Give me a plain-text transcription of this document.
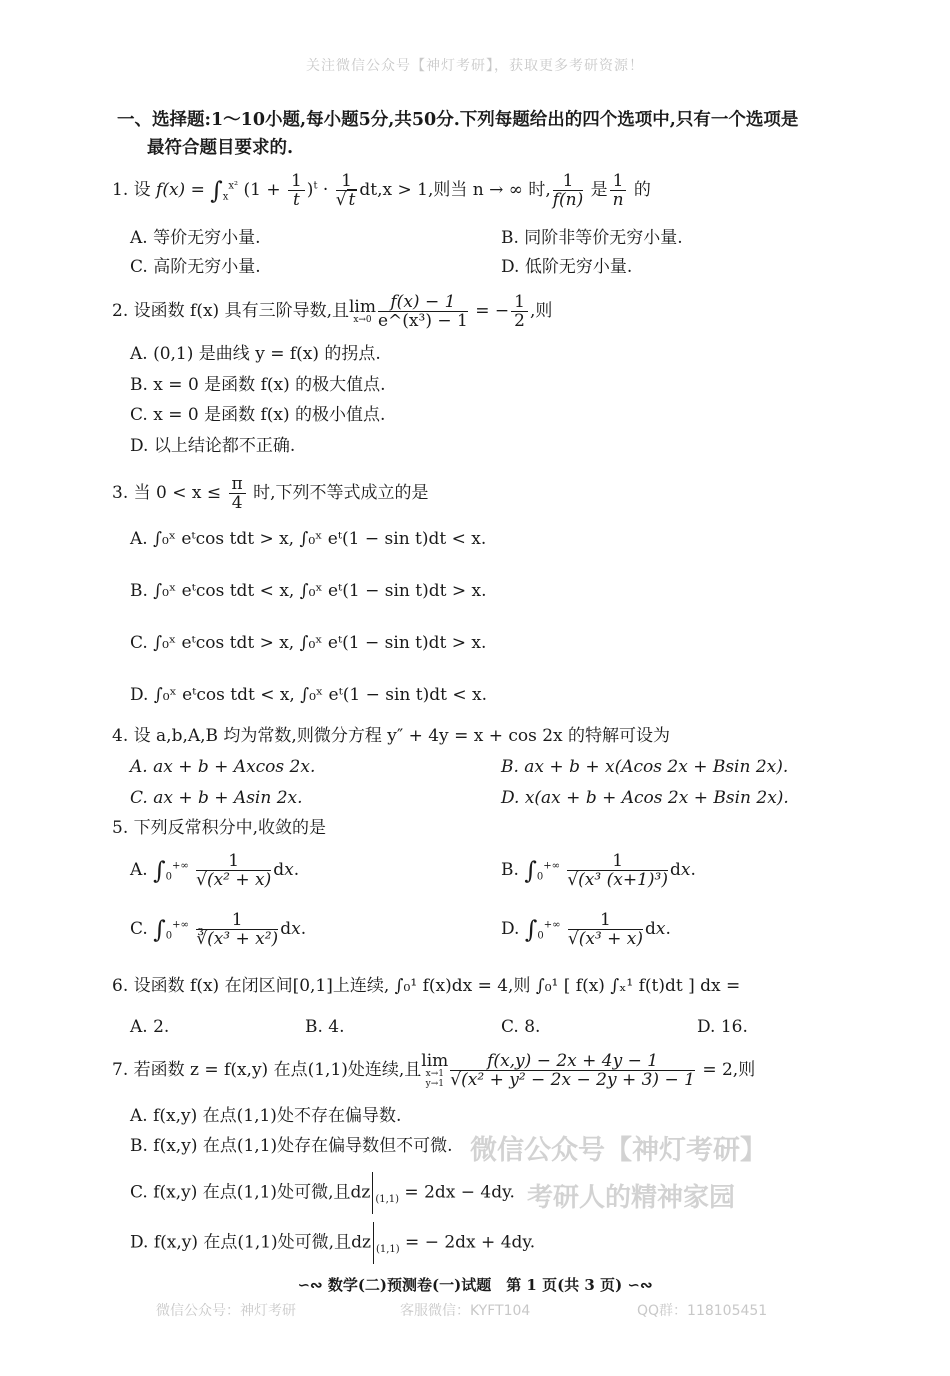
关注微信公众号【神灯考研】，获取更多考研资源！
一、选择题:1～10小题,每小题5分,共50分.下列每题给出的四个选项中,只有一个选项是
最符合题目要求的.
1. 设 $f(x) = \int_x^{x^2}$ $(1 + \frac{1}{t} )^t \cdot \frac{1}{√ t} dt,x > 1$,则当 n → ∞ 时, $\frac{1}{f(n)}$ 是 $\frac{1}{n}$ 的
A. 等价无穷小量.	B. 同阶非等价无穷小量.
C. 高阶无穷小量.	D. 低阶无穷小量.
2. 设函数 f(x) 具有三阶导数,且lim
$x\to 0 \frac{f(x) - 1}{\text{e\textasciicircum{}(x³) − 1}}$ = − $\frac{1}{2}$ ,则
A. (0,1) 是曲线 y = f(x) 的拐点.
B. x = 0 是函数 f(x) 的极大值点.
C. x = 0 是函数 f(x) 的极小值点.
D. 以上结论都不正确.
3. 当 $0 < x \le \frac{\pi}{4}$ 时,下列不等式成立的是
A. ∫₀ˣ eᵗcos tdt > x, ∫₀ˣ eᵗ(1 − sin t)dt < x.
B. ∫₀ˣ eᵗcos tdt < x, ∫₀ˣ eᵗ(1 − sin t)dt > x.
C. ∫₀ˣ eᵗcos tdt > x, ∫₀ˣ eᵗ(1 − sin t)dt > x.
D. ∫₀ˣ eᵗcos tdt < x, ∫₀ˣ eᵗ(1 − sin t)dt < x.
4. 设 a,b,A,B 均为常数,则微分方程 y″ + 4y = x + cos 2x 的特解可设为
A. ax + b + Axcos 2x.	B. ax + b + x(Acos 2x + Bsin 2x).
C. ax + b + Asin 2x.	D. x(ax + b + Acos 2x + Bsin 2x).
5. 下列反常积分中,收敛的是
A. $\int_0^{+\infty} \frac{1}{\text{√(x² + x)}}$ dx.	B. $\int_0^{+\infty} \frac{1}{\text{√(x³ (x+1)³)}}$ dx.
C. $\int_0^{+\infty} \frac{1}{\text{∛(x³ + x²)}}$ dx.	D. $\int_0^{+\infty} \frac{1}{\text{√(x³ + x)}}$ dx.
6. 设函数 f(x) 在闭区间[0,1]上连续, ∫₀¹ f(x)dx = 4,则 ∫₀¹ [ f(x) ∫ₓ¹ f(t)dt ] dx =
A. 2.	B. 4.	C. 8.	D. 16.
7. 若函数 z = f(x,y) 在点(1,1)处连续,且lim
x→1
$y\to 1 \frac{f(x,y) - 2x + 4y - 1}{\text{√(x² + y² − 2x − 2y + 3) − 1}} = 2$,则
A. f(x,y) 在点(1,1)处不存在偏导数.
B. f(x,y) 在点(1,1)处存在偏导数但不可微.
C. f(x,y) 在点(1,1)处可微,且dz $_{(1,1)}$ = 2dx − 4dy.
D. f(x,y) 在点(1,1)处可微,且dz $_{(1,1)}$ = − 2dx + 4dy.
微信公众号【神灯考研】
考研人的精神家园
∽∾ 数学(二)预测卷(一)试题　第 1 页(共 3 页) ∽∾
微信公众号：神灯考研	客服微信：KYFT104	QQ群：118105451
